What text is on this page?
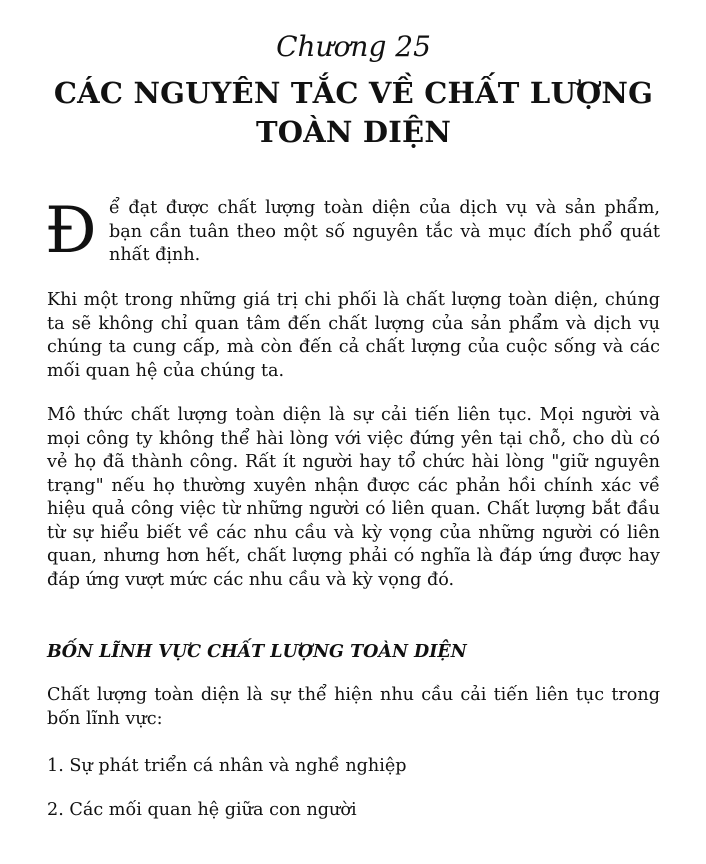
Chương 25
CÁC NGUYÊN TẮC VỀ CHẤT LƯỢNG TOÀN DIỆN
Đ ể đạt được chất lượng toàn diện của dịch vụ và sản phẩm, bạn cần tuân theo một số nguyên tắc và mục đích phổ quát nhất định.
Khi một trong những giá trị chi phối là chất lượng toàn diện, chúng ta sẽ không chỉ quan tâm đến chất lượng của sản phẩm và dịch vụ chúng ta cung cấp, mà còn đến cả chất lượng của cuộc sống và các mối quan hệ của chúng ta.
Mô thức chất lượng toàn diện là sự cải tiến liên tục. Mọi người và mọi công ty không thể hài lòng với việc đứng yên tại chỗ, cho dù có vẻ họ đã thành công. Rất ít người hay tổ chức hài lòng "giữ nguyên trạng" nếu họ thường xuyên nhận được các phản hồi chính xác về hiệu quả công việc từ những người có liên quan. Chất lượng bắt đầu từ sự hiểu biết về các nhu cầu và kỳ vọng của những người có liên quan, nhưng hơn hết, chất lượng phải có nghĩa là đáp ứng được hay đáp ứng vượt mức các nhu cầu và kỳ vọng đó.
BỐN LĨNH VỰC CHẤT LƯỢNG TOÀN DIỆN
Chất lượng toàn diện là sự thể hiện nhu cầu cải tiến liên tục trong bốn lĩnh vực:
1. Sự phát triển cá nhân và nghề nghiệp
2. Các mối quan hệ giữa con người
